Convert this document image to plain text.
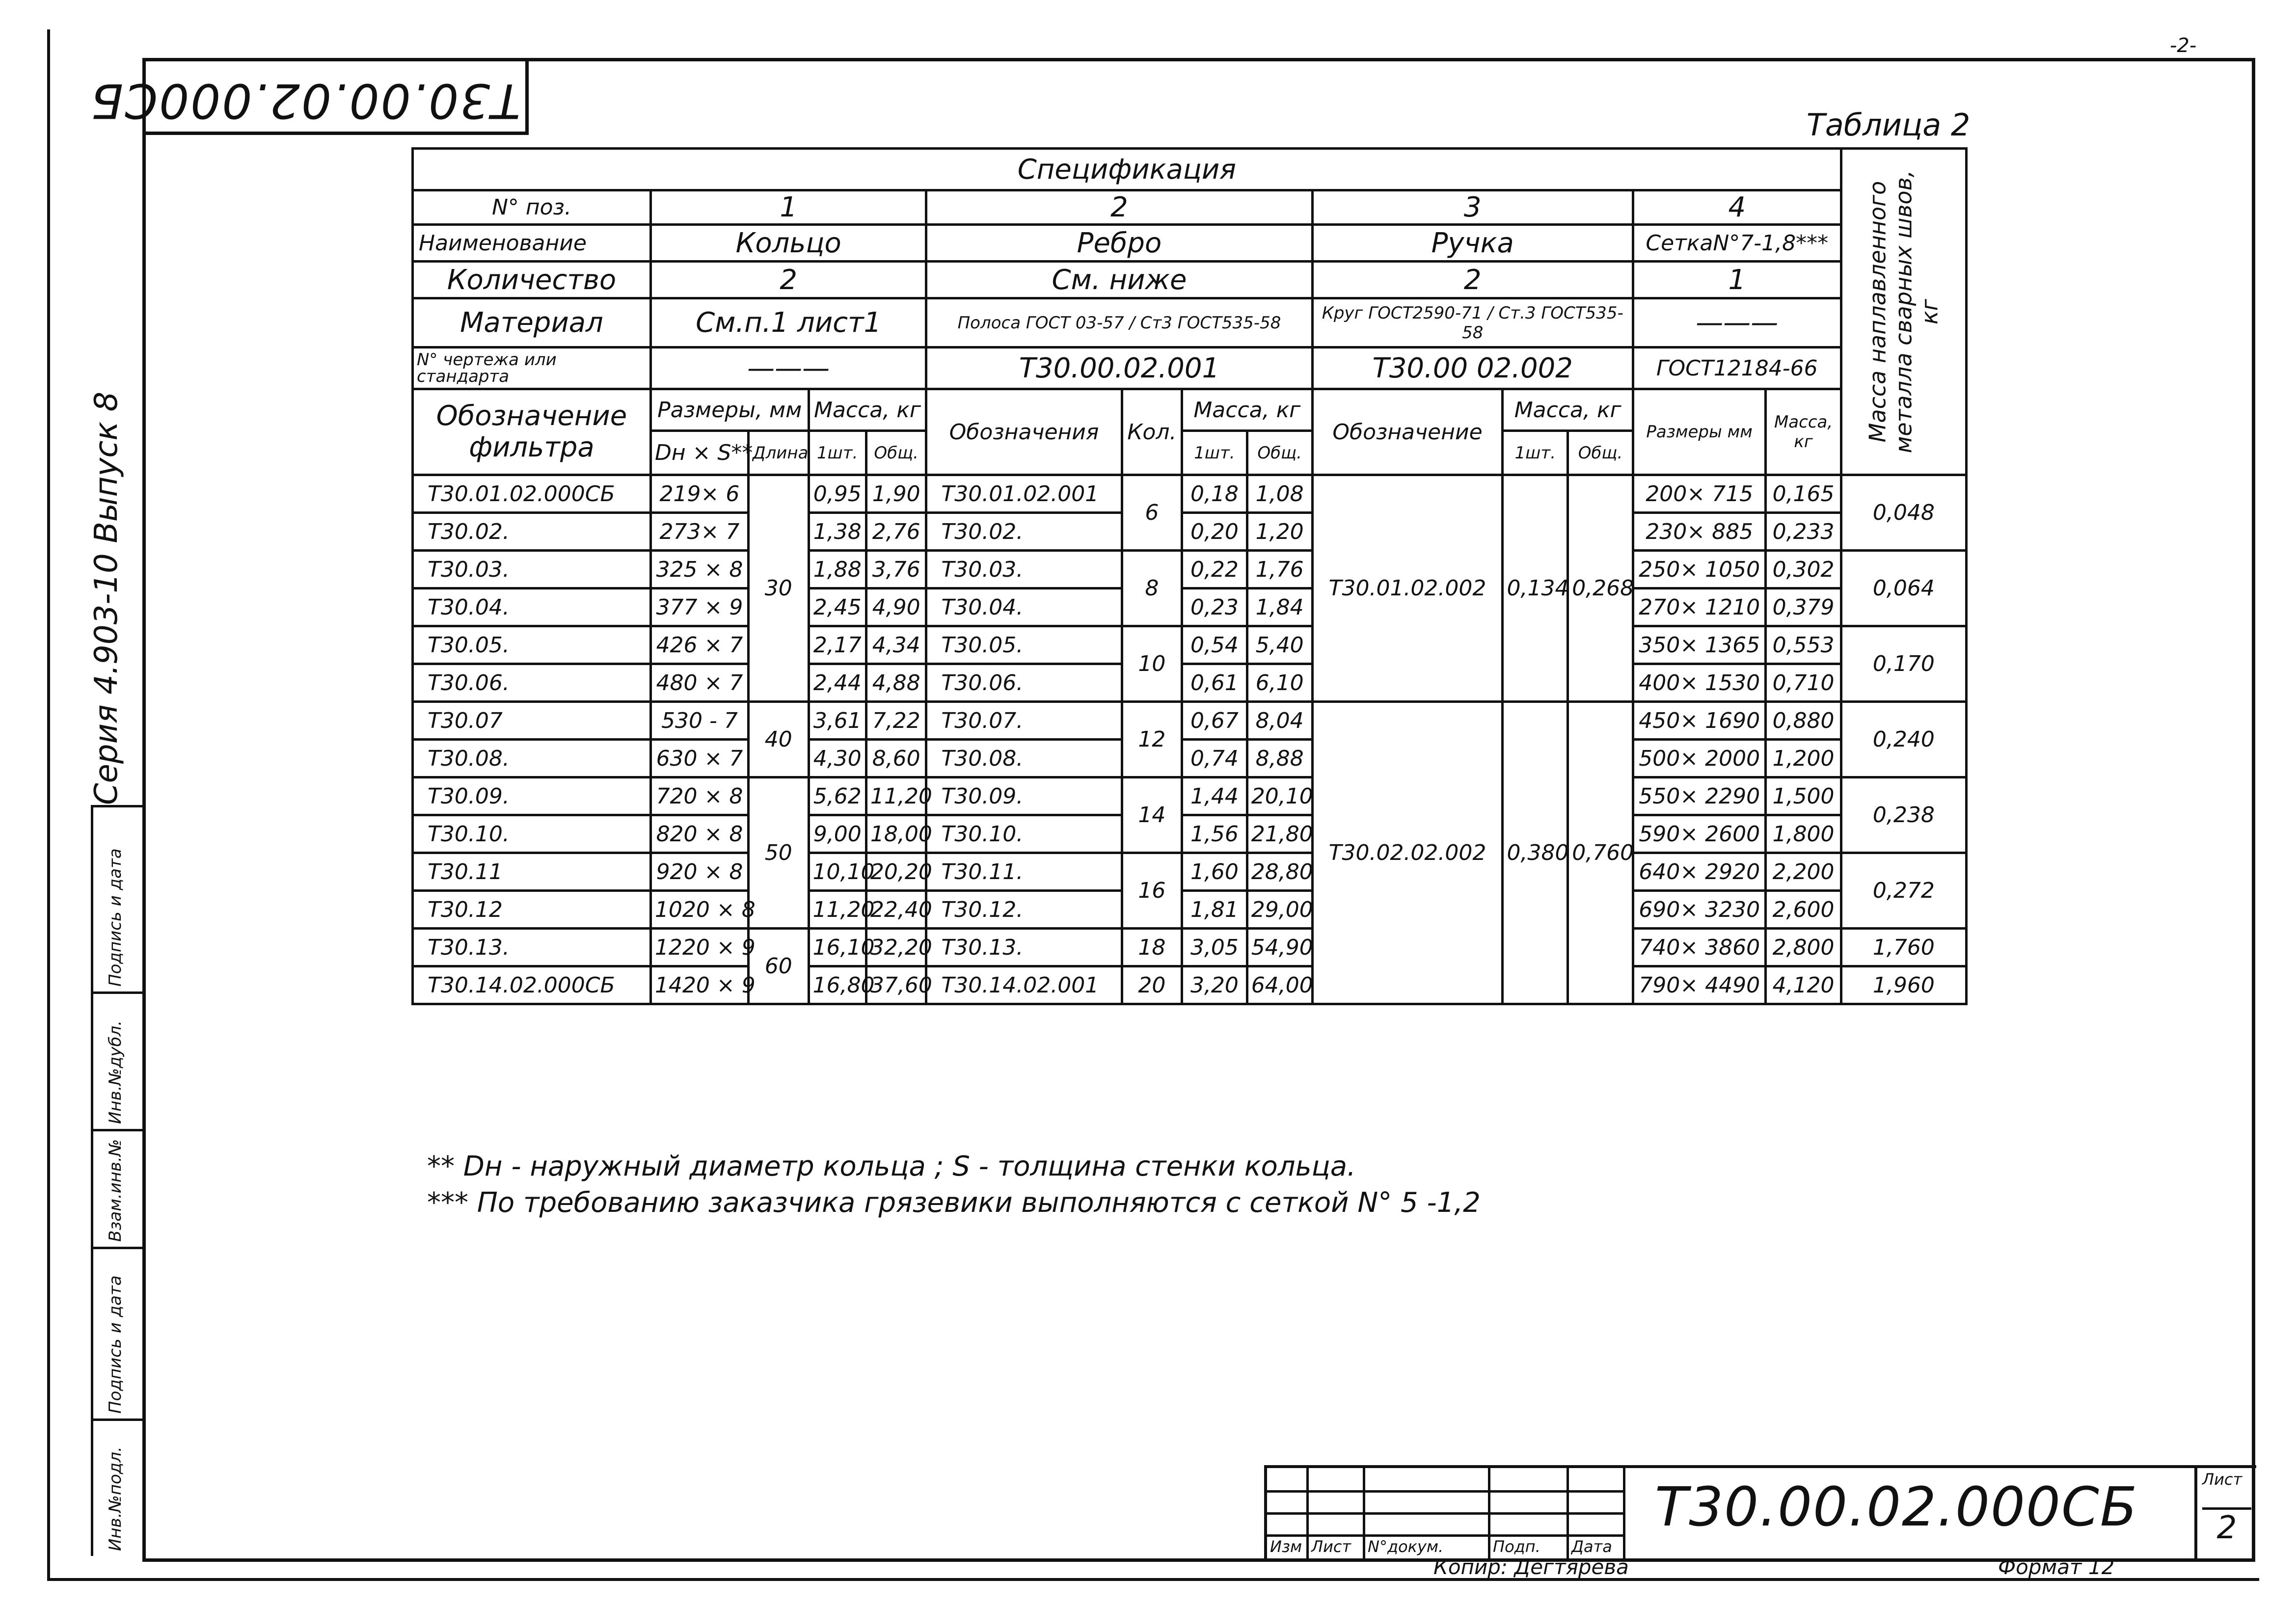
Т30.00.02.000СБ
-2-
Таблица 2
Серия 4.903-10 Выпуск 8
Подпись и дата
Инв.№дубл.
Взам.инв.№
Подпись и дата
Инв.№подл.
Спецификация														Масса наплавленного металла сварных швов, кг

N° поз.	1				2				3			4		
Наименование	Кольцо				Ребро				Ручка			СеткаN°7-1,8***		
Количество	2				См. ниже				2			1		
Материал	См.п.1 лист1				Полоса ГОСТ 03-57 / Ст3 ГОСТ535-58				Круг ГОСТ2590-71 / Ст.3 ГОСТ535-58			———		
N° чертежа или стандарта	———				Т30.00.02.001				Т30.00 02.002			ГОСТ12184-66		
Обозначение фильтра	Размеры, мм		Масса, кг		Обозначения	Кол.	Масса, кг		Обозначение	Масса, кг		Размеры мм	Масса, кг	
	Dн × S**	Длина	1шт.	Общ.			1шт.	Общ.		1шт.	Общ.			
Т30.01.02.000СБ	219× 6	30	0,95	1,90	Т30.01.02.001	6	0,18	1,08	Т30.01.02.002	0,134	0,268	200× 715	0,165	0,048
Т30.02.	273× 7		1,38	2,76	Т30.02.		0,20	1,20				230× 885	0,233	
Т30.03.	325 × 8		1,88	3,76	Т30.03.	8	0,22	1,76				250× 1050	0,302	0,064
Т30.04.	377 × 9		2,45	4,90	Т30.04.		0,23	1,84				270× 1210	0,379	
Т30.05.	426 × 7		2,17	4,34	Т30.05.	10	0,54	5,40				350× 1365	0,553	0,170
Т30.06.	480 × 7		2,44	4,88	Т30.06.		0,61	6,10				400× 1530	0,710	
Т30.07	530 - 7	40	3,61	7,22	Т30.07.	12	0,67	8,04	Т30.02.02.002	0,380	0,760	450× 1690	0,880	0,240
Т30.08.	630 × 7		4,30	8,60	Т30.08.		0,74	8,88				500× 2000	1,200	
Т30.09.	720 × 8	50	5,62	11,20	Т30.09.	14	1,44	20,10				550× 2290	1,500	0,238
Т30.10.	820 × 8		9,00	18,00	Т30.10.		1,56	21,80				590× 2600	1,800	
Т30.11	920 × 8		10,10	20,20	Т30.11.	16	1,60	28,80				640× 2920	2,200	0,272
Т30.12	1020 × 8		11,20	22,40	Т30.12.		1,81	29,00				690× 3230	2,600	
Т30.13.	1220 × 9	60	16,10	32,20	Т30.13.	18	3,05	54,90				740× 3860	2,800	1,760
Т30.14.02.000СБ	1420 × 9		16,80	37,60	Т30.14.02.001	20	3,20	64,00				790× 4490	4,120	1,960
** Dн - наружный диаметр кольца ; S - толщина стенки кольца.
*** По требованию заказчика грязевики выполняются с сеткой N° 5 -1,2
Изм Лист N°докум.	Подп. Дата
Т30.00.02.000СБ	Лист
2
Копир: Дегтярева	Формат 12
